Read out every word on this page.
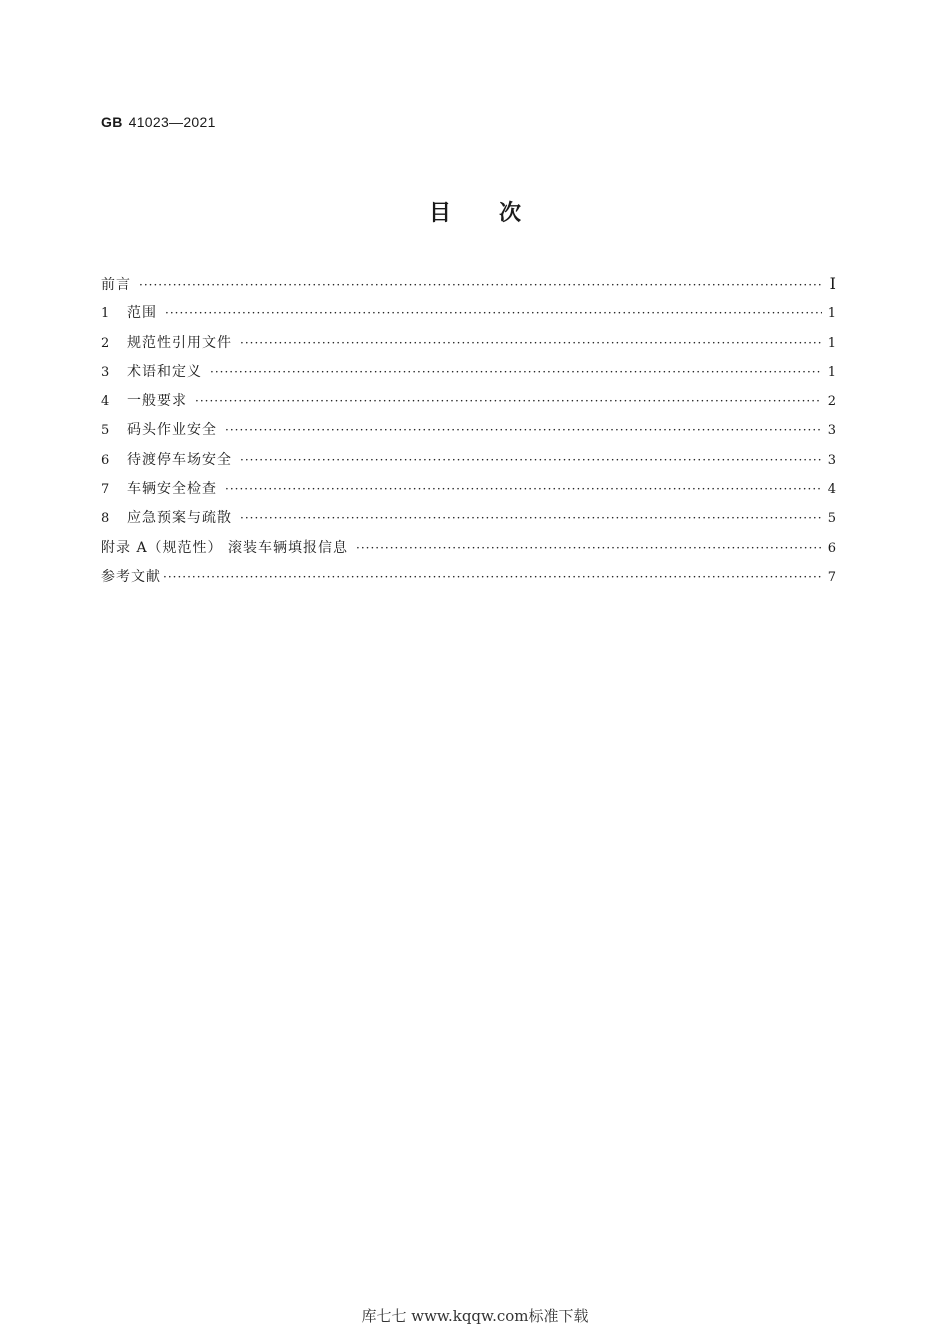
GB 41023—2021
目 次
前言 ·····	Ⅰ
1	范围 ·····	1
2	规范性引用文件 ·····	1
3	术语和定义 ·····	1
4	一般要求 ·····	2
5	码头作业安全 ·····	3
6	待渡停车场安全 ·····	3
7	车辆安全检查 ·····	4
8	应急预案与疏散 ·····	5
附录 A（规范性） 滚装车辆填报信息 ·····	6
参考文献 ·····	7
库七七 www.kqqw.com标准下载
